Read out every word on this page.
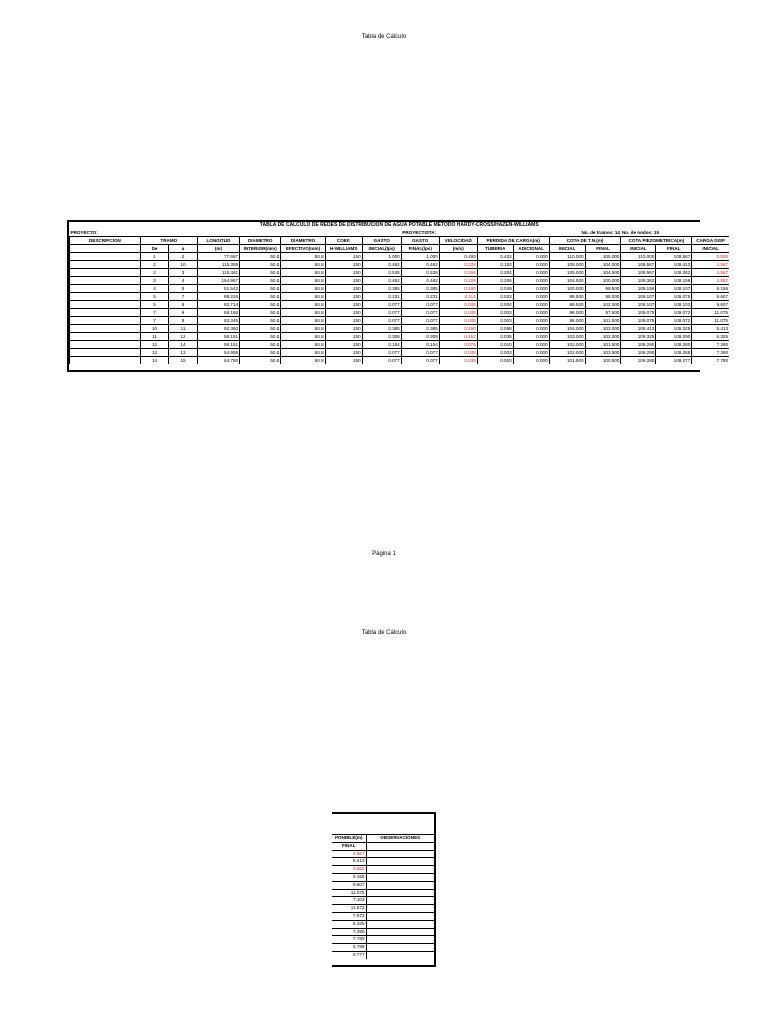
Tabla de Cálculo
Página 1
TABLA DE CALCULO DE REDES DE DISTRIBUCION DE AGUA POTABLE METODO HARDY-CROSS/HAZEN-WILLIAMS																
PROYECTO:						PROYECTISTA:					No. de tramos: 14			No. de nodos: 15		
DESCRIPCION	TRAMO		LONGITUD	DIAMETRO	DIAMETRO	COEF.	GASTO	GASTO	VELOCIDAD	PERDIDA DE CARGA(m)		COTA DE T.N.(m)		COTA PIEZOMETRICA(m)		CARGA DISP
	De	a	(m)	INTERIOR(mm)	EFECTIVO(mm)	H-WILLIAMS	INICIAL(lps)	FINAL(lps)	(m/s)	TUBERIA	ADICIONAL	INICIAL	FINAL	INICIAL	FINAL	INICIAL
	1	2	77.667	50.8	50.8	150	1.000	1.000	0.493	0.433	0.000	110.000	105.000	110.000	109.567	0.000
	2	10	115.359	50.8	50.8	150	0.462	0.462	0.228	0.153	0.000	105.000	104.000	109.567	109.413	4.567
	2	3	115.361	50.8	50.8	150	0.538	0.538	0.266	0.204	0.000	105.000	104.500	109.567	109.362	4.567
	3	4	154.967	50.8	50.8	150	0.462	0.462	0.228	0.206	0.000	104.500	100.000	109.362	109.156	4.862
	4	5	51.542	50.8	50.8	150	0.385	0.385	0.190	0.049	0.000	100.000	99.500	109.156	109.107	9.156
	5	7	88.226	50.8	50.8	150	0.231	0.231	0.114	0.033	0.000	99.500	98.000	109.107	109.075	9.607
	5	6	82.714	50.8	50.8	150	0.077	0.077	0.038	0.004	0.000	99.500	102.000	109.107	109.103	9.607
	7	9	68.156	50.8	50.8	150	0.077	0.077	0.038	0.003	0.000	98.000	97.500	109.075	109.072	11.075
	7	8	63.345	50.8	50.8	150	0.077	0.077	0.038	0.003	0.000	98.000	101.500	109.075	109.072	11.075
	10	11	92.360	50.8	50.8	150	0.385	0.385	0.190	0.088	0.000	104.000	103.000	109.413	109.325	5.413
	11	12	56.151	50.8	50.8	150	0.308	0.308	0.152	0.035	0.000	103.000	102.000	109.325	109.290	6.325
	12	14	56.151	50.8	50.8	150	0.154	0.154	0.076	0.010	0.000	102.000	101.500	109.290	109.280	7.290
	12	13	54.958	50.8	50.8	150	0.077	0.077	0.038	0.003	0.000	102.000	103.500	109.290	109.288	7.290
	14	15	64.750	50.8	50.8	150	0.077	0.077	0.038	0.003	0.000	101.500	100.500	109.280	109.277	7.780
Tabla de Cálculo

PONIBLE(m)	OBSERVACIONES
FINAL	
4.567	
5.413	
4.862	
9.156	
9.607	
11.075	
7.103	
11.572	
7.572	
6.325	
7.290	
7.780	
5.788	
8.777	
